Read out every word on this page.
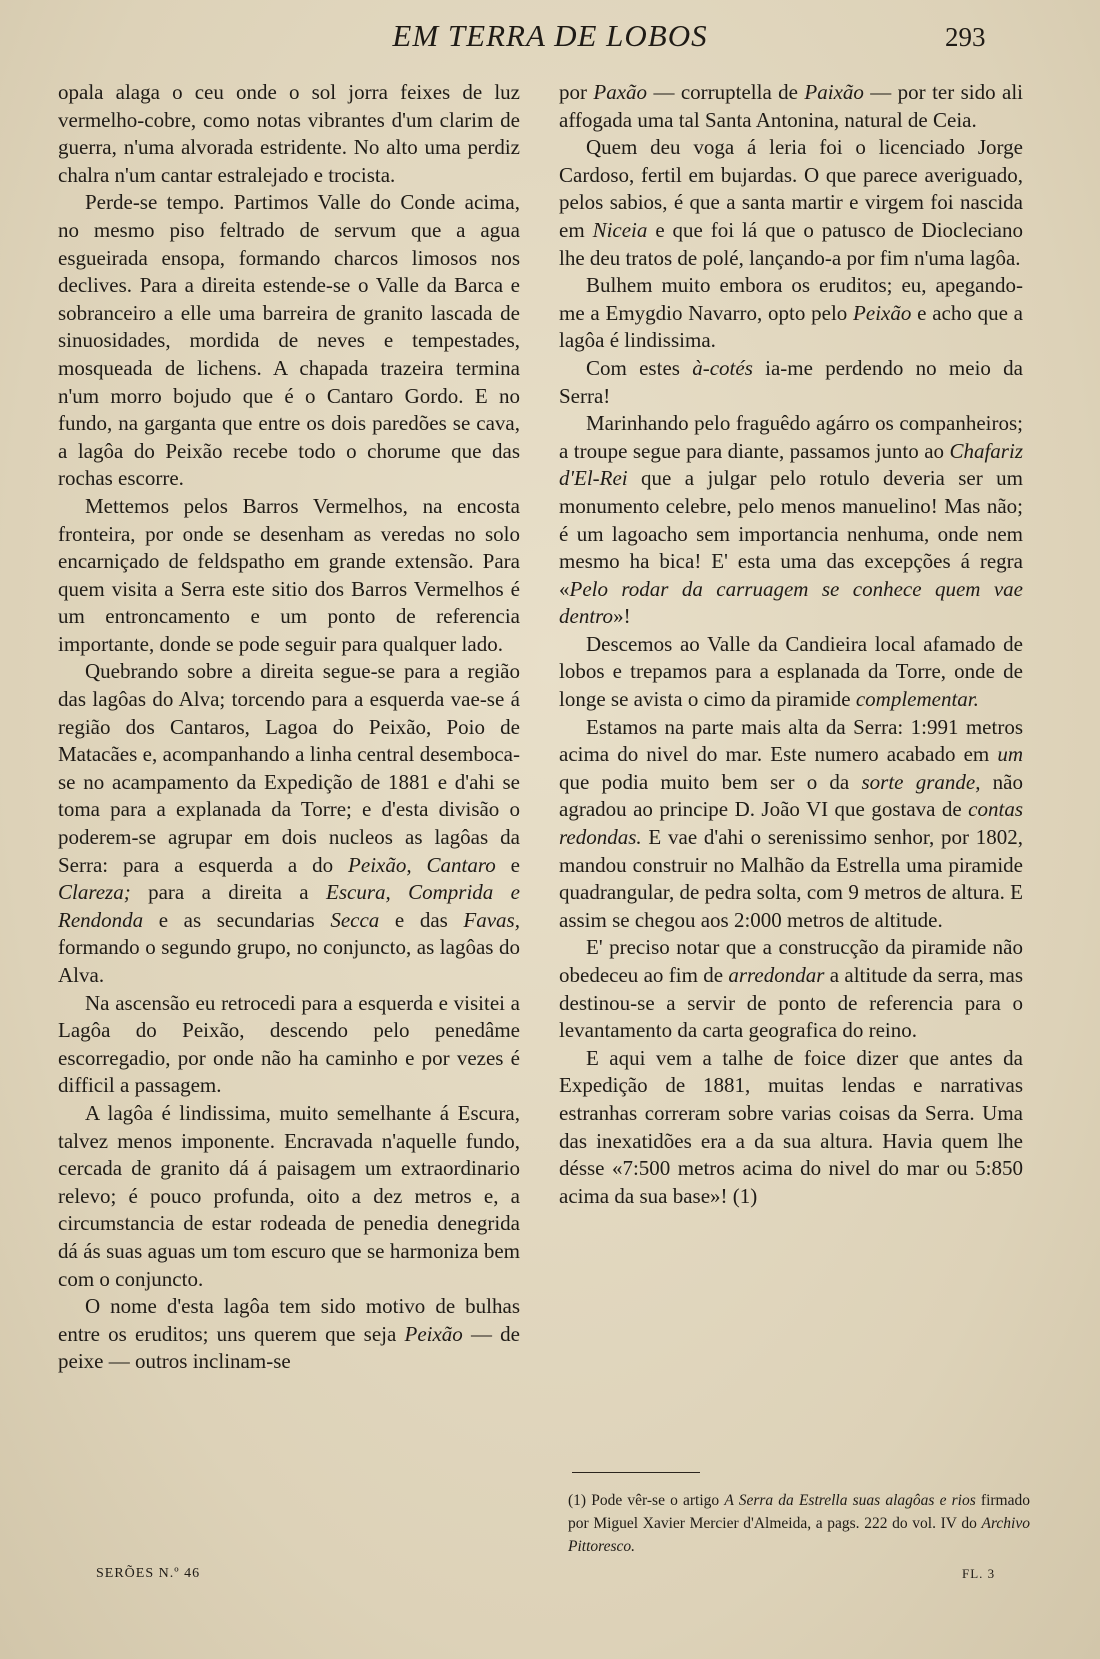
EM TERRA DE LOBOS	293

opala alaga o ceu onde o sol jorra feixes de luz vermelho-cobre, como notas vibrantes d'um clarim de guerra, n'uma alvorada estridente. No alto uma perdiz chalra n'um cantar estralejado e trocista.

Perde-se tempo. Partimos Valle do Conde acima, no mesmo piso feltrado de servum que a agua esgueirada ensopa, formando charcos limosos nos declives. Para a direita estende-se o Valle da Barca e sobranceiro a elle uma barreira de granito lascada de sinuosidades, mordida de neves e tempestades, mosqueada de lichens. A chapada trazeira termina n'um morro bojudo que é o Cantaro Gordo. E no fundo, na garganta que entre os dois paredões se cava, a lagôa do Peixão recebe todo o chorume que das rochas escorre.

Mettemos pelos Barros Vermelhos, na encosta fronteira, por onde se desenham as veredas no solo encarniçado de feldspatho em grande extensão. Para quem visita a Serra este sitio dos Barros Vermelhos é um entroncamento e um ponto de referencia importante, donde se pode seguir para qualquer lado.

Quebrando sobre a direita segue-se para a região das lagôas do Alva; torcendo para a esquerda vae-se á região dos Cantaros, Lagoa do Peixão, Poio de Matacães e, acompanhando a linha central desemboca-se no acampamento da Expedição de 1881 e d'ahi se toma para a explanada da Torre; e d'esta divisão o poderem-se agrupar em dois nucleos as lagôas da Serra: para a esquerda a do Peixão, Cantaro e Clareza; para a direita a Escura, Comprida e Rendonda e as secundarias Secca e das Favas, formando o segundo grupo, no conjuncto, as lagôas do Alva.

Na ascensão eu retrocedi para a esquerda e visitei a Lagôa do Peixão, descendo pelo penedâme escorregadio, por onde não ha caminho e por vezes é difficil a passagem.

A lagôa é lindissima, muito semelhante á Escura, talvez menos imponente. Encravada n'aquelle fundo, cercada de granito dá á paisagem um extraordinario relevo; é pouco profunda, oito a dez metros e, a circumstancia de estar rodeada de penedia denegrida dá ás suas aguas um tom escuro que se harmoniza bem com o conjuncto.

O nome d'esta lagôa tem sido motivo de bulhas entre os eruditos; uns querem que seja Peixão — de peixe — outros inclinam-se

por Paxão — corruptella de Paixão — por ter sido ali affogada uma tal Santa Antonina, natural de Ceia.

Quem deu voga á leria foi o licenciado Jorge Cardoso, fertil em bujardas. O que parece averiguado, pelos sabios, é que a santa martir e virgem foi nascida em Niceia e que foi lá que o patusco de Diocleciano lhe deu tratos de polé, lançando-a por fim n'uma lagôa.

Bulhem muito embora os eruditos; eu, apegando-me a Emygdio Navarro, opto pelo Peixão e acho que a lagôa é lindissima.

Com estes à-cotés ia-me perdendo no meio da Serra!

Marinhando pelo fraguêdo agárro os companheiros; a troupe segue para diante, passamos junto ao Chafariz d'El-Rei que a julgar pelo rotulo deveria ser um monumento celebre, pelo menos manuelino! Mas não; é um lagoacho sem importancia nenhuma, onde nem mesmo ha bica! E' esta uma das excepções á regra «Pelo rodar da carruagem se conhece quem vae dentro»!

Descemos ao Valle da Candieira local afamado de lobos e trepamos para a esplanada da Torre, onde de longe se avista o cimo da piramide complementar.

Estamos na parte mais alta da Serra: 1:991 metros acima do nivel do mar. Este numero acabado em um que podia muito bem ser o da sorte grande, não agradou ao principe D. João VI que gostava de contas redondas. E vae d'ahi o serenissimo senhor, por 1802, mandou construir no Malhão da Estrella uma piramide quadrangular, de pedra solta, com 9 metros de altura. E assim se chegou aos 2:000 metros de altitude.

E' preciso notar que a construcção da piramide não obedeceu ao fim de arredondar a altitude da serra, mas destinou-se a servir de ponto de referencia para o levantamento da carta geografica do reino.

E aqui vem a talhe de foice dizer que antes da Expedição de 1881, muitas lendas e narrativas estranhas correram sobre varias coisas da Serra. Uma das inexatidões era a da sua altura. Havia quem lhe désse «7:500 metros acima do nivel do mar ou 5:850 acima da sua base»! (1)

(1) Pode vêr-se o artigo A Serra da Estrella suas alagôas e rios firmado por Miguel Xavier Mercier d'Almeida, a pags. 222 do vol. IV do Archivo Pittoresco.
SERÕES N.º 46	FL. 3
